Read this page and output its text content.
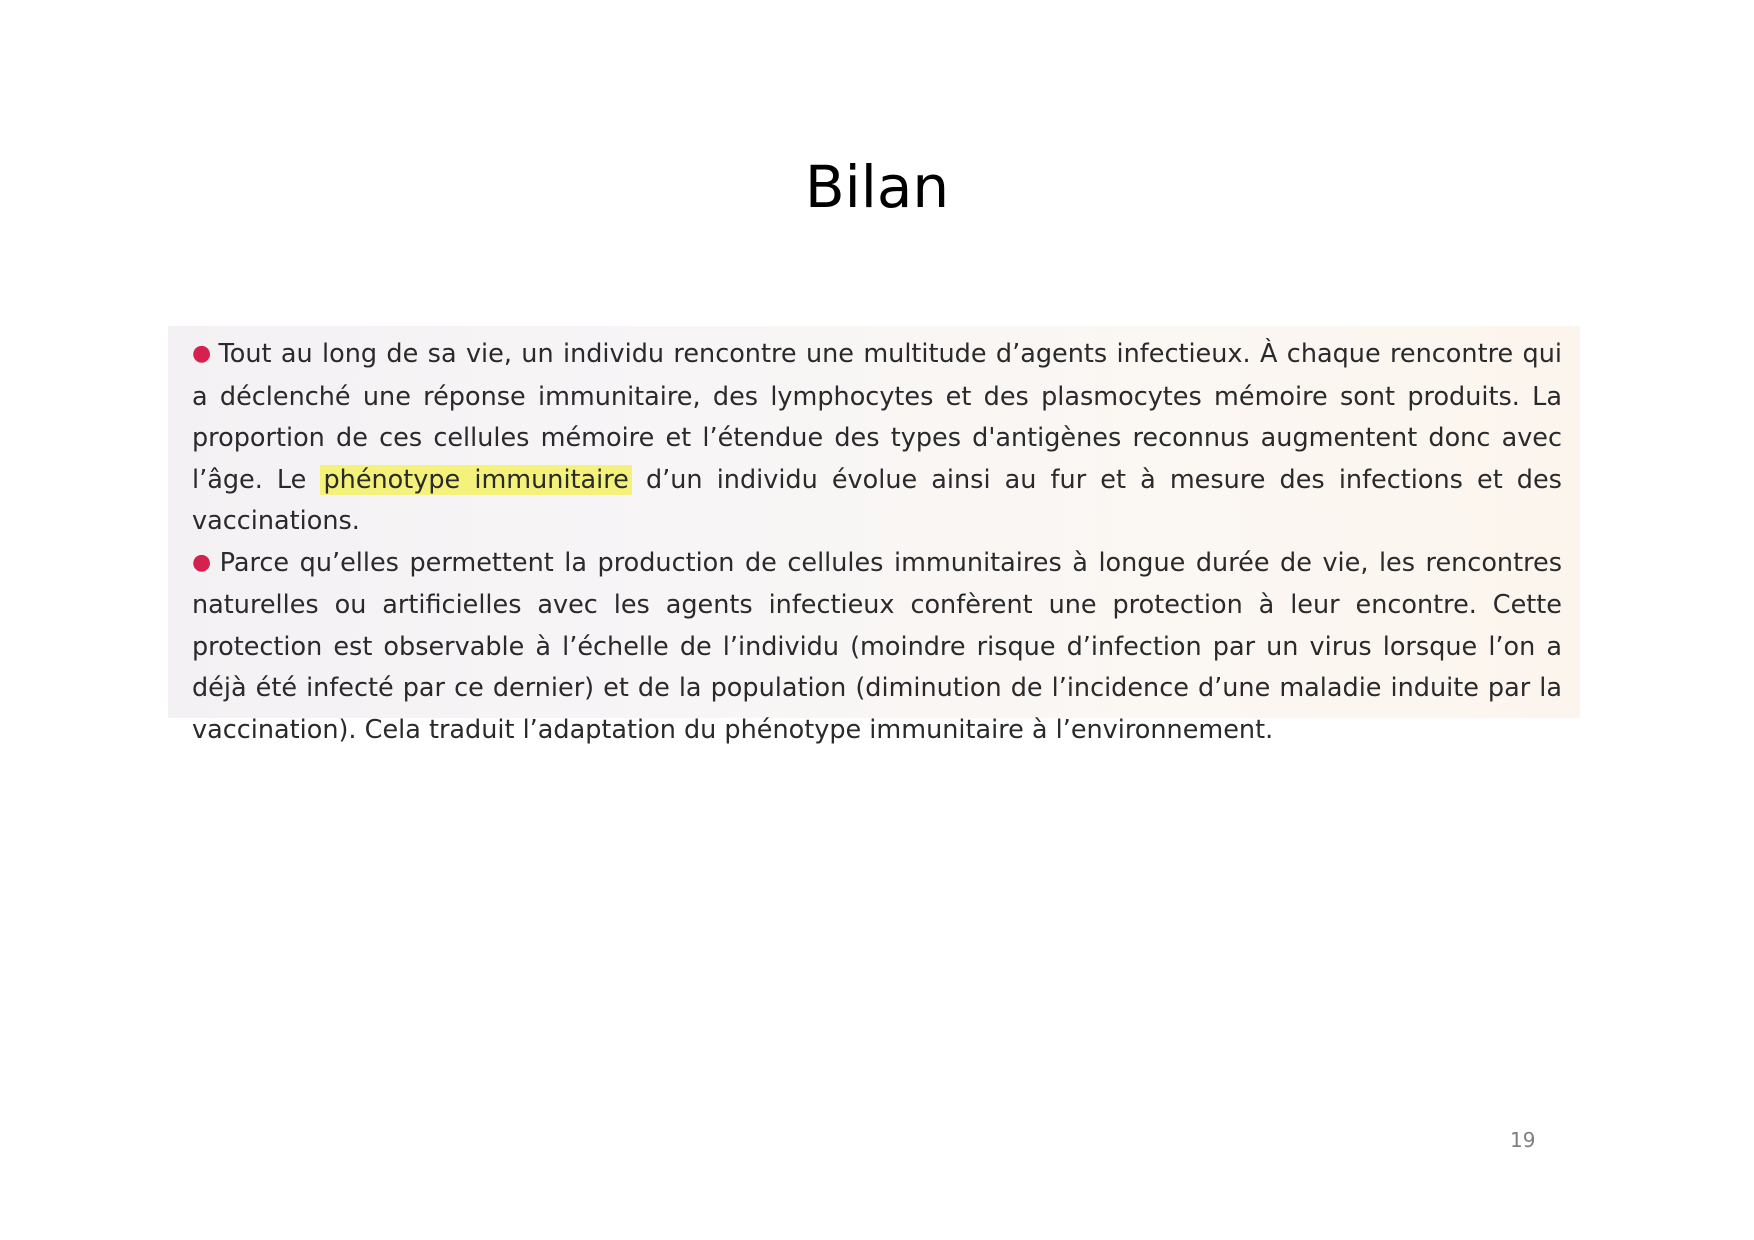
Bilan

● Tout au long de sa vie, un individu rencontre une multitude d’agents infectieux. À chaque rencontre qui a déclenché une réponse immunitaire, des lymphocytes et des plasmocytes mémoire sont produits. La proportion de ces cellules mémoire et l’étendue des types d'antigènes reconnus augmentent donc avec l’âge. Le phénotype immunitaire d’un individu évolue ainsi au fur et à mesure des infections et des vaccinations.

● Parce qu’elles permettent la production de cellules immunitaires à longue durée de vie, les rencontres naturelles ou artificielles avec les agents infectieux confèrent une protection à leur encontre. Cette protection est observable à l’échelle de l’individu (moindre risque d’infection par un virus lorsque l’on a déjà été infecté par ce dernier) et de la population (diminution de l’incidence d’une maladie induite par la vaccination). Cela traduit l’adaptation du phénotype immunitaire à l’environnement.

19
